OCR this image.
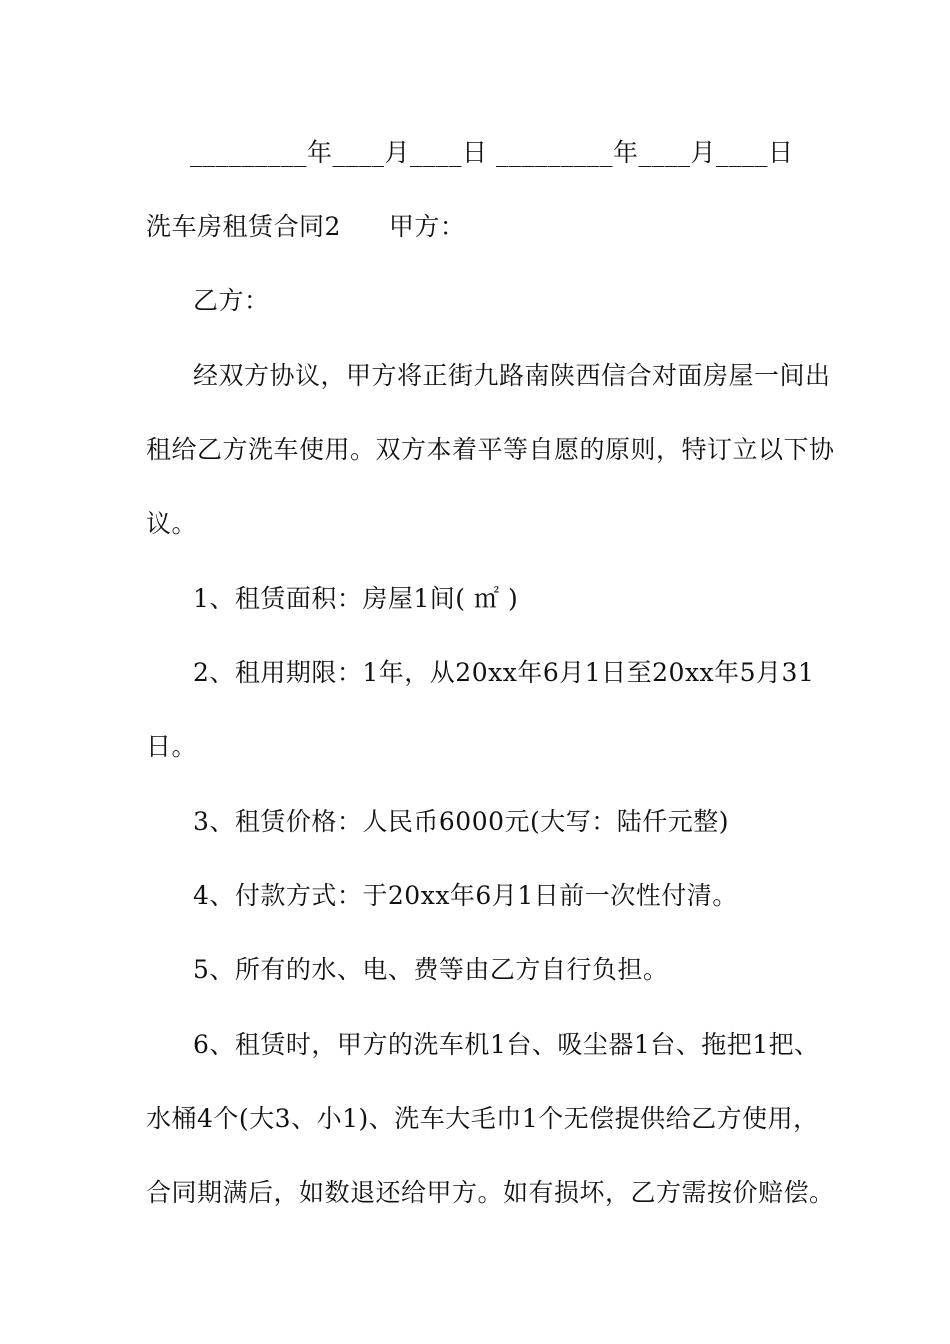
_________年____月____日 _________年____月____日
洗车房租赁合同2 甲方：
乙方：
经双方协议，甲方将正街九路南陕西信合对面房屋一间出
租给乙方洗车使用。双方本着平等自愿的原则，特订立以下协
议。
1、租赁面积：房屋1间( ㎡ )
2、租用期限：1年，从20xx年6月1日至20xx年5月31
日。
3、租赁价格：人民币6000元(大写：陆仟元整)
4、付款方式：于20xx年6月1日前一次性付清。
5、所有的水、电、费等由乙方自行负担。
6、租赁时，甲方的洗车机1台、吸尘器1台、拖把1把、
水桶4个(大3、小1)、洗车大毛巾1个无偿提供给乙方使用，
合同期满后，如数退还给甲方。如有损坏，乙方需按价赔偿。
